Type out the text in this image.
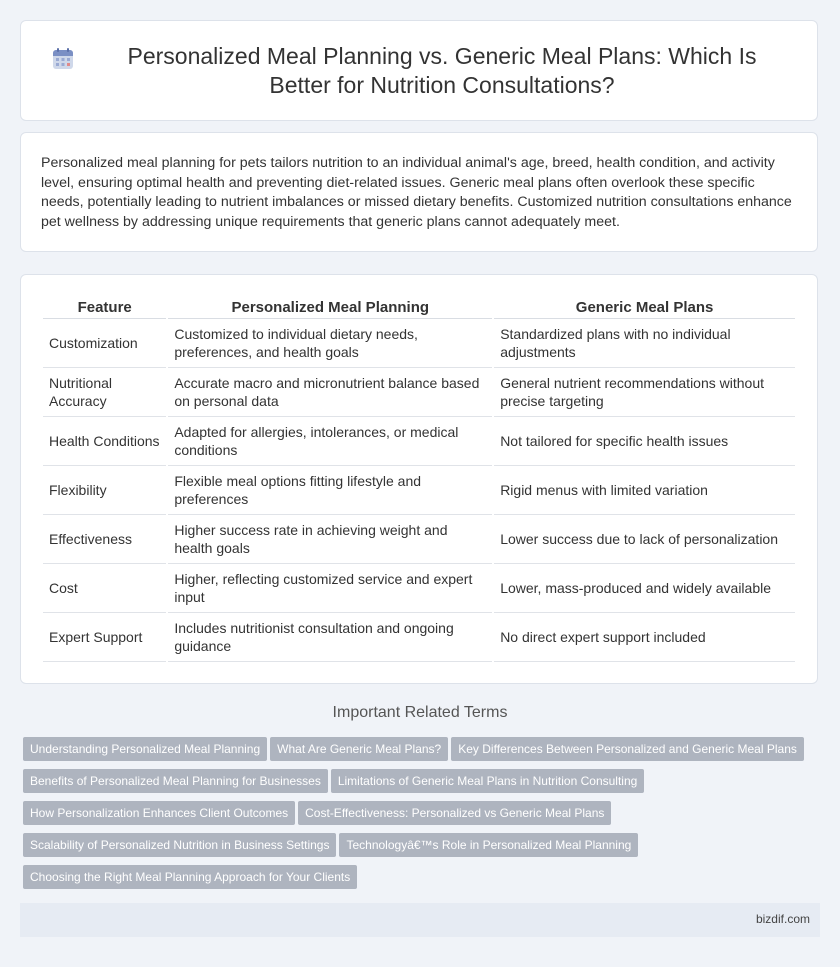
Personalized Meal Planning vs. Generic Meal Plans: Which Is Better for Nutrition Consultations?

Personalized meal planning for pets tailors nutrition to an individual animal's age, breed, health condition, and activity level, ensuring optimal health and preventing diet-related issues. Generic meal plans often overlook these specific needs, potentially leading to nutrient imbalances or missed dietary benefits. Customized nutrition consultations enhance pet wellness by addressing unique requirements that generic plans cannot adequately meet.

Feature	Personalized Meal Planning	Generic Meal Plans
Customization	Customized to individual dietary needs, preferences, and health goals	Standardized plans with no individual adjustments
Nutritional Accuracy	Accurate macro and micronutrient balance based on personal data	General nutrient recommendations without precise targeting
Health Conditions	Adapted for allergies, intolerances, or medical conditions	Not tailored for specific health issues
Flexibility	Flexible meal options fitting lifestyle and preferences	Rigid menus with limited variation
Effectiveness	Higher success rate in achieving weight and health goals	Lower success due to lack of personalization
Cost	Higher, reflecting customized service and expert input	Lower, mass-produced and widely available
Expert Support	Includes nutritionist consultation and ongoing guidance	No direct expert support included
Important Related Terms
Understanding Personalized Meal Planning What Are Generic Meal Plans? Key Differences Between Personalized and Generic Meal Plans
Benefits of Personalized Meal Planning for Businesses Limitations of Generic Meal Plans in Nutrition Consulting
How Personalization Enhances Client Outcomes Cost-Effectiveness: Personalized vs Generic Meal Plans
Scalability of Personalized Nutrition in Business Settings Technologyâ€™s Role in Personalized Meal Planning
Choosing the Right Meal Planning Approach for Your Clients
bizdif.com
